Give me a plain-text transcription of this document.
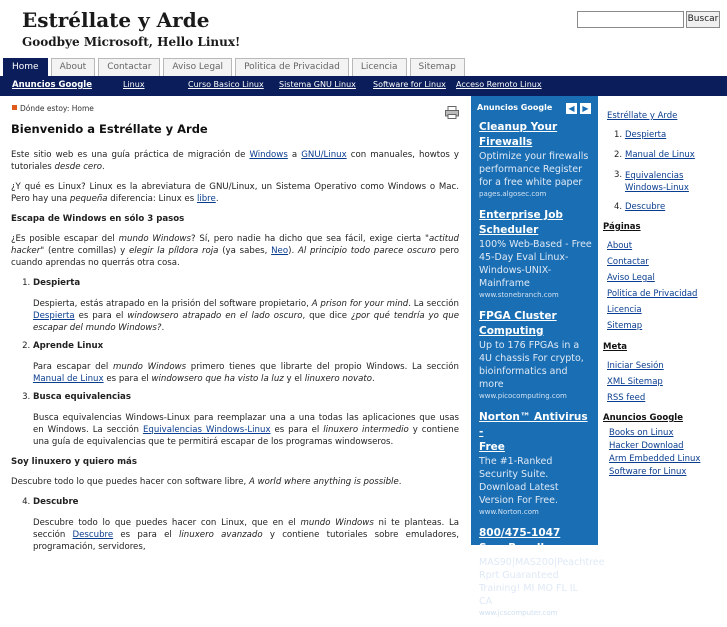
Estréllate y Arde
Goodbye Microsoft, Hello Linux!
Buscar
Home	About	Contactar	Aviso Legal	Politica de Privacidad	Licencia	Sitemap
Anuncios Google	Linux	Curso Basico Linux Sistema GNU Linux Software for Linux Acceso Remoto Linux
Dónde estoy: Home
Bienvenido a Estréllate y Arde

Este sitio web es una guía práctica de migración de Windows a GNU/Linux con manuales, howtos y tutoriales desde cero.

¿Y qué es Linux? Linux es la abreviatura de GNU/Linux, un Sistema Operativo como Windows o Mac. Pero hay una pequeña diferencia: Linux es libre.

Escapa de Windows en sólo 3 pasos

¿Es posible escapar del mundo Windows? Sí, pero nadie ha dicho que sea fácil, exige cierta "actitud hacker" (entre comillas) y elegir la píldora roja (ya sabes, Neo). Al principio todo parece oscuro pero cuando aprendas no querrás otra cosa.

1. Despierta

Despierta, estás atrapado en la prisión del software propietario, A prison for your mind. La sección Despierta es para el windowsero atrapado en el lado oscuro, que dice ¿por qué tendría yo que escapar del mundo Windows?.

2. Aprende Linux

Para escapar del mundo Windows primero tienes que librarte del propio Windows. La sección Manual de Linux es para el windowsero que ha visto la luz y el linuxero novato.

3. Busca equivalencias

Busca equivalencias Windows-Linux para reemplazar una a una todas las aplicaciones que usas en Windows. La sección Equivalencias Windows-Linux es para el linuxero intermedio y contiene una guía de equivalencias que te permitirá escapar de los programas windowseros.

Soy linuxero y quiero más

Descubre todo lo que puedes hacer con software libre, A world where anything is possible.

4. Descubre

Descubre todo lo que puedes hacer con Linux, que en el mundo Windows ni te planteas. La sección Descubre es para el linuxero avanzado y contiene tutoriales sobre emuladores, programación, servidores,

Anuncios Google	◀ ▶
Cleanup Your
Firewalls
Optimize your firewalls performance Register for a free white paper
pages.algosec.com
Enterprise Job
Scheduler
100% Web-Based - Free 45-Day Eval Linux-Windows-UNIX-Mainframe
www.stonebranch.com
FPGA Cluster
Computing
Up to 176 FPGAs in a 4U chassis For crypto, bioinformatics and more
www.picocomputing.com
Norton™ Antivirus -
Free
The #1-Ranked Security Suite. Download Latest Version For Free.
www.Norton.com
800/475-1047
SageReseller
MAS90|MAS200|Peachtree Rprt Guaranteed Training! MI MO FL IL CA
www.jcscomputer.com
Estréllate y Arde
1. Despierta
2. Manual de Linux
3. Equivalencias Windows-Linux
4. Descubre
Páginas
About
Contactar
Aviso Legal
Politica de Privacidad
Licencia
Sitemap
Meta
Iniciar Sesión
XML Sitemap
RSS feed
Anuncios Google
Books on Linux
Hacker Download
Arm Embedded Linux
Software for Linux
